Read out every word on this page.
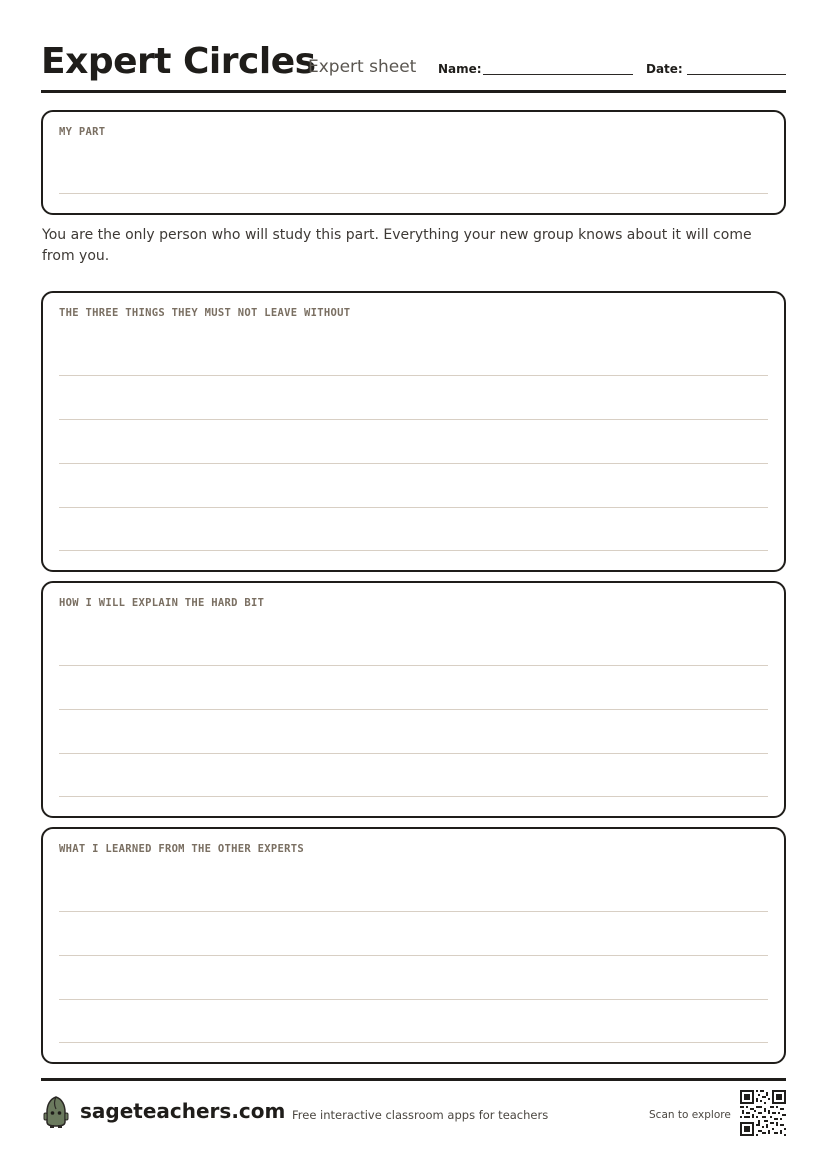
Expert Circles
Expert sheet Name:	Date:
MY PART
You are the only person who will study this part. Everything your new group knows about it will come from you.
THE THREE THINGS THEY MUST NOT LEAVE WITHOUT
HOW I WILL EXPLAIN THE HARD BIT
WHAT I LEARNED FROM THE OTHER EXPERTS
sageteachers.com Free interactive classroom apps for teachers	Scan to explore
